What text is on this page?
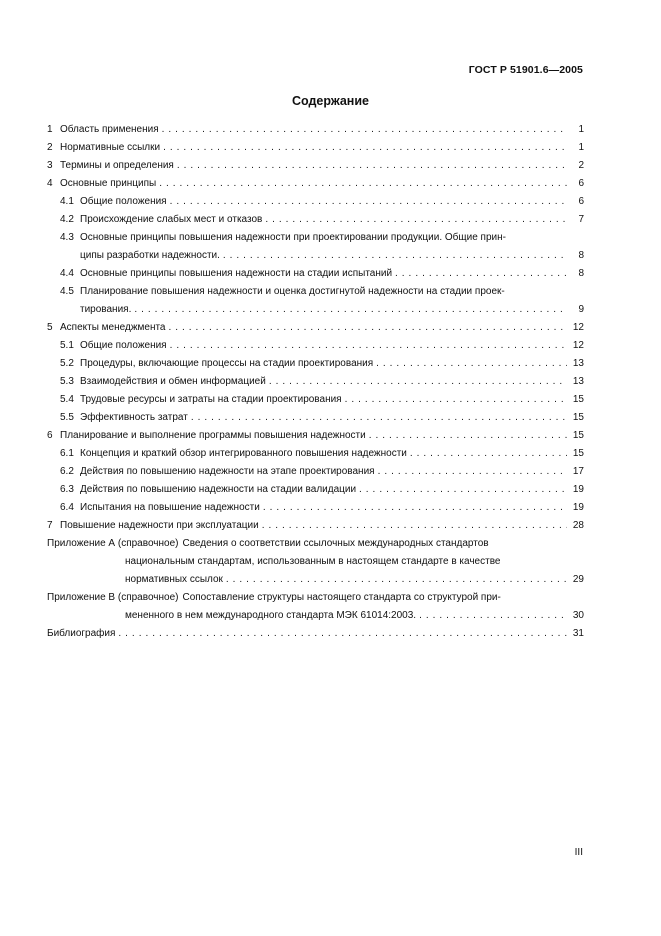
ГОСТ Р 51901.6—2005
Содержание
1 Область применения . . .	1
2 Нормативные ссылки . . .	1
3 Термины и определения . . .	2
4 Основные принципы . . .	6
4.1 Общие положения . . .	6
4.2 Происхождение слабых мест и отказов . . .	7
4.3 Основные принципы повышения надежности при проектировании продукции. Общие прин-
ципы разработки надежности. . . .	8
4.4 Основные принципы повышения надежности на стадии испытаний . . .	8
4.5 Планирование повышения надежности и оценка достигнутой надежности на стадии проек-
тирования. . . .	9
5 Аспекты менеджмента . . .	12
5.1 Общие положения . . .	12
5.2 Процедуры, включающие процессы на стадии проектирования . . .	13
5.3 Взаимодействия и обмен информацией . . .	13
5.4 Трудовые ресурсы и затраты на стадии проектирования . . .	15
5.5 Эффективность затрат . . .	15
6 Планирование и выполнение программы повышения надежности . . .	15
6.1 Концепция и краткий обзор интегрированного повышения надежности . . .	15
6.2 Действия по повышению надежности на этапе проектирования . . .	17
6.3 Действия по повышению надежности на стадии валидации . . .	19
6.4 Испытания на повышение надежности . . .	19
7 Повышение надежности при эксплуатации . . .	28
Приложение А (справочное) Сведения о соответствии ссылочных международных стандартов
национальным стандартам, использованным в настоящем стандарте в качестве
нормативных ссылок . . .	29
Приложение В (справочное) Сопоставление структуры настоящего стандарта со структурой при-
мененного в нем международного стандарта МЭК 61014:2003. . . .	30
Библиография . . .	31
III
